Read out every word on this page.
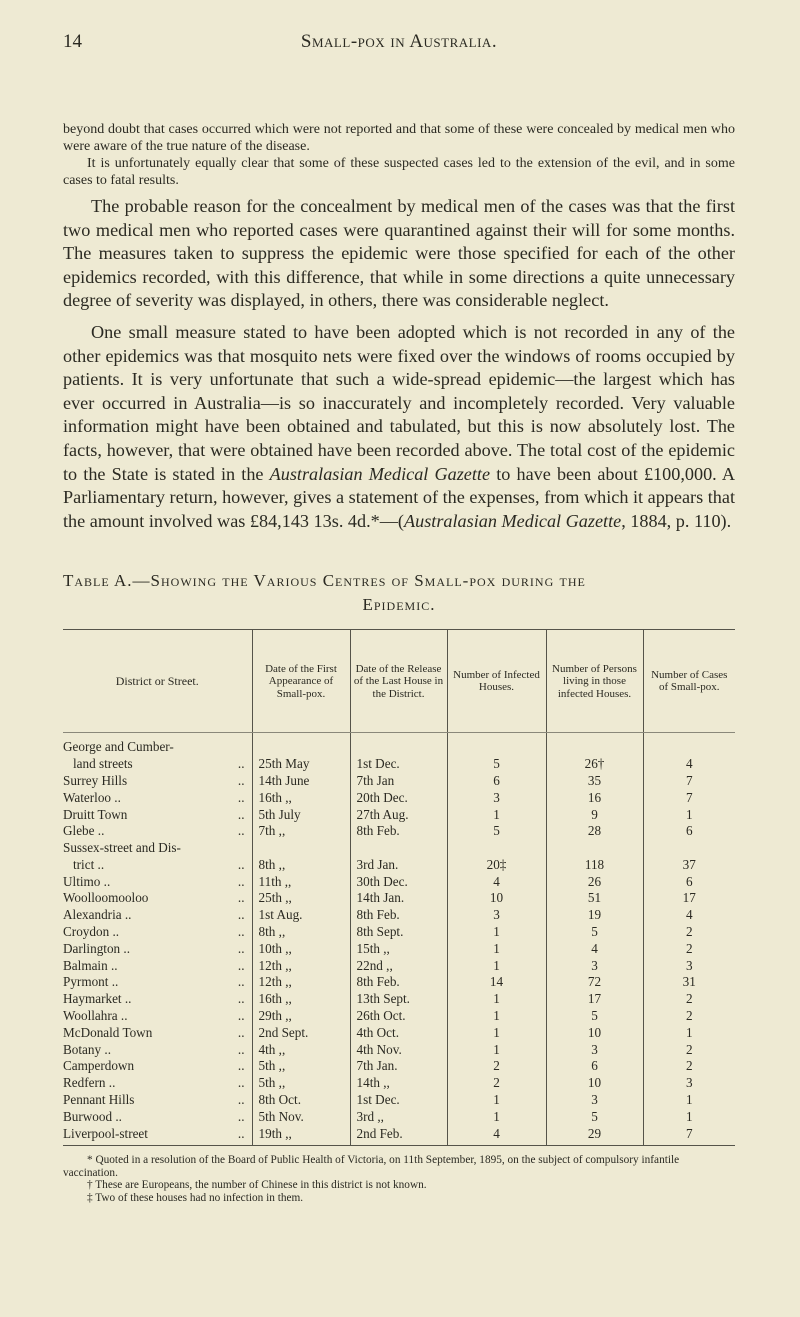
14	Small-pox in Australia.

beyond doubt that cases occurred which were not reported and that some of these were concealed by medical men who were aware of the true nature of the disease.

It is unfortunately equally clear that some of these suspected cases led to the extension of the evil, and in some cases to fatal results.

The probable reason for the concealment by medical men of the cases was that the first two medical men who reported cases were quarantined against their will for some months. The measures taken to suppress the epidemic were those specified for each of the other epidemics recorded, with this difference, that while in some directions a quite unnecessary degree of severity was displayed, in others, there was considerable neglect.

One small measure stated to have been adopted which is not recorded in any of the other epidemics was that mosquito nets were fixed over the windows of rooms occupied by patients. It is very unfortunate that such a wide-spread epidemic—the largest which has ever occurred in Australia—is so inaccurately and incompletely recorded. Very valuable information might have been obtained and tabulated, but this is now absolutely lost. The facts, however, that were obtained have been recorded above. The total cost of the epidemic to the State is stated in the Australasian Medical Gazette to have been about £100,000. A Parliamentary return, however, gives a statement of the expenses, from which it appears that the amount involved was £84,143 13s. 4d.*—(Australasian Medical Gazette, 1884, p. 110).

Table A.—Showing the Various Centres of Small-pox during the
Epidemic.
District or Street.	Date of the First Appearance of Small-pox.	Date of the Release of the Last House in the District.	Number of Infected Houses.	Number of Persons living in those infected Houses.	Number of Cases of Small-pox.

George and Cumber-
land streets ..	25th May	1st Dec.	5	26†	4

Surrey Hills ..	14th June	7th Jan	6	35	7

Waterloo .. ..	16th ,,	20th Dec.	3	16	7

Druitt Town ..	5th July	27th Aug.	1	9	1

Glebe .. ..	7th ,,	8th Feb.	5	28	6

Sussex-street and Dis-
trict .. ..	8th ,,	3rd Jan.	20‡	118	37

Ultimo .. ..	11th ,,	30th Dec.	4	26	6

Woolloomooloo ..	25th ,,	14th Jan.	10	51	17

Alexandria .. ..	1st Aug.	8th Feb.	3	19	4

Croydon .. ..	8th ,,	8th Sept.	1	5	2

Darlington .. ..	10th ,,	15th ,,	1	4	2

Balmain .. ..	12th ,,	22nd ,,	1	3	3

Pyrmont .. ..	12th ,,	8th Feb.	14	72	31

Haymarket .. ..	16th ,,	13th Sept.	1	17	2

Woollahra .. ..	29th ,,	26th Oct.	1	5	2

McDonald Town ..	2nd Sept.	4th Oct.	1	10	1

Botany .. ..	4th ,,	4th Nov.	1	3	2

Camperdown ..	5th ,,	7th Jan.	2	6	2

Redfern .. ..	5th ,,	14th ,,	2	10	3

Pennant Hills ..	8th Oct.	1st Dec.	1	3	1

Burwood .. ..	5th Nov.	3rd ,,	1	5	1

Liverpool-street ..	19th ,,	2nd Feb.	4	29	7

* Quoted in a resolution of the Board of Public Health of Victoria, on 11th September, 1895, on the subject of compulsory infantile vaccination.

† These are Europeans, the number of Chinese in this district is not known.

‡ Two of these houses had no infection in them.
